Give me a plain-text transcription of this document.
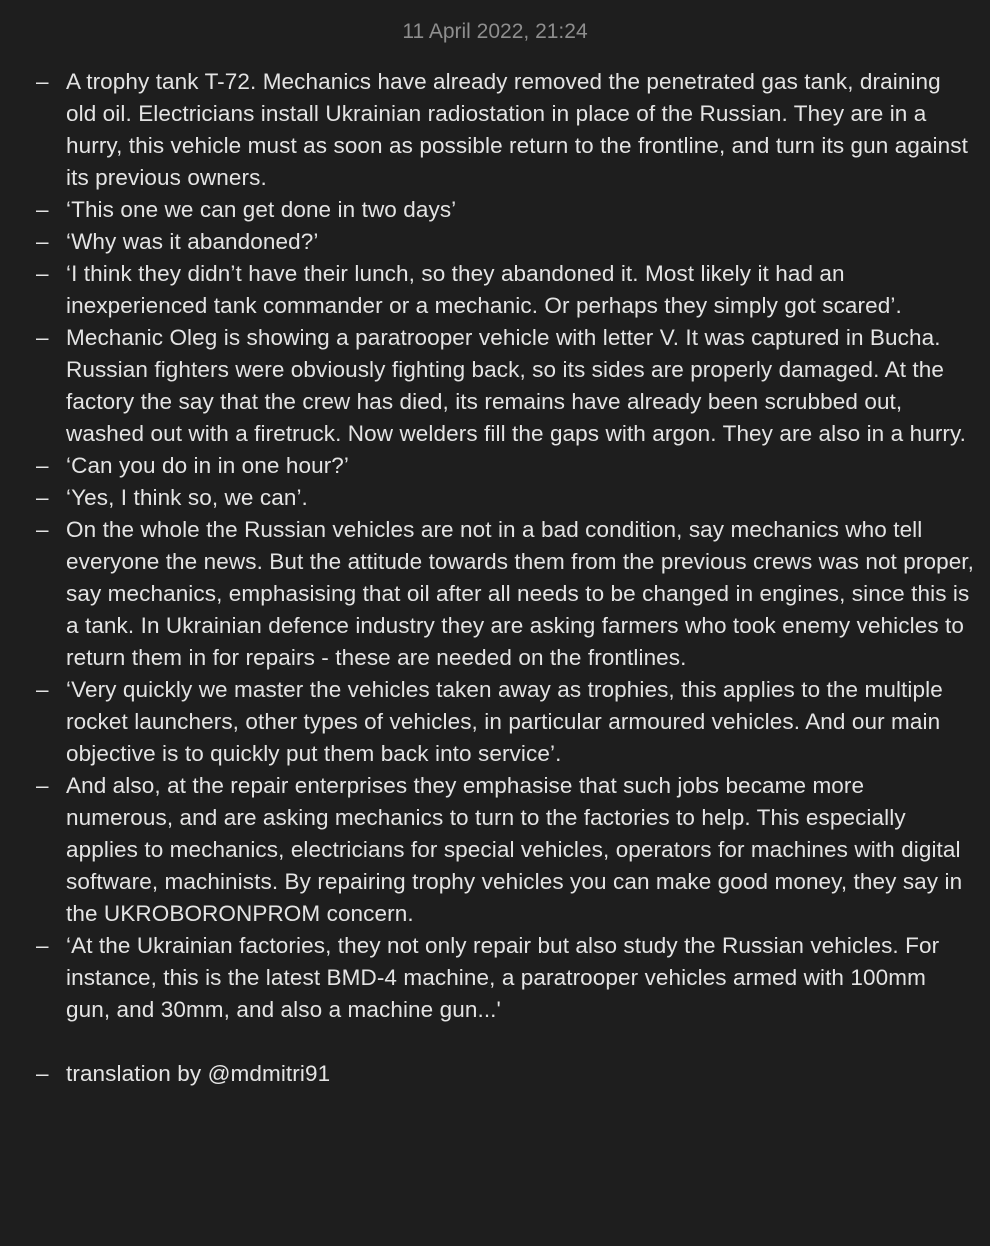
11 April 2022, 21:24
– A trophy tank T-72. Mechanics have already removed the penetrated gas tank, draining old oil. Electricians install Ukrainian radiostation in place of the Russian. They are in a hurry, this vehicle must as soon as possible return to the frontline, and turn its gun against its previous owners.
– ‘This one we can get done in two days’
– ‘Why was it abandoned?’
– ‘I think they didn’t have their lunch, so they abandoned it. Most likely it had an inexperienced tank commander or a mechanic. Or perhaps they simply got scared’.
– Mechanic Oleg is showing a paratrooper vehicle with letter V. It was captured in Bucha. Russian fighters were obviously fighting back, so its sides are properly damaged. At the factory the say that the crew has died, its remains have already been scrubbed out, washed out with a firetruck. Now welders fill the gaps with argon. They are also in a hurry.
– ‘Can you do in in one hour?’
– ‘Yes, I think so, we can’.
– On the whole the Russian vehicles are not in a bad condition, say mechanics who tell everyone the news. But the attitude towards them from the previous crews was not proper, say mechanics, emphasising that oil after all needs to be changed in engines, since this is a tank. In Ukrainian defence industry they are asking farmers who took enemy vehicles to return them in for repairs - these are needed on the frontlines.
– ‘Very quickly we master the vehicles taken away as trophies, this applies to the multiple rocket launchers, other types of vehicles, in particular armoured vehicles. And our main objective is to quickly put them back into service’.
– And also, at the repair enterprises they emphasise that such jobs became more numerous, and are asking mechanics to turn to the factories to help. This especially applies to mechanics, electricians for special vehicles, operators for machines with digital software, machinists. By repairing trophy vehicles you can make good money, they say in the UKROBORONPROM concern.
– ‘At the Ukrainian factories, they not only repair but also study the Russian vehicles. For instance, this is the latest BMD-4 machine, a paratrooper vehicles armed with 100mm gun, and 30mm, and also a machine gun...'
– translation by @mdmitri91
